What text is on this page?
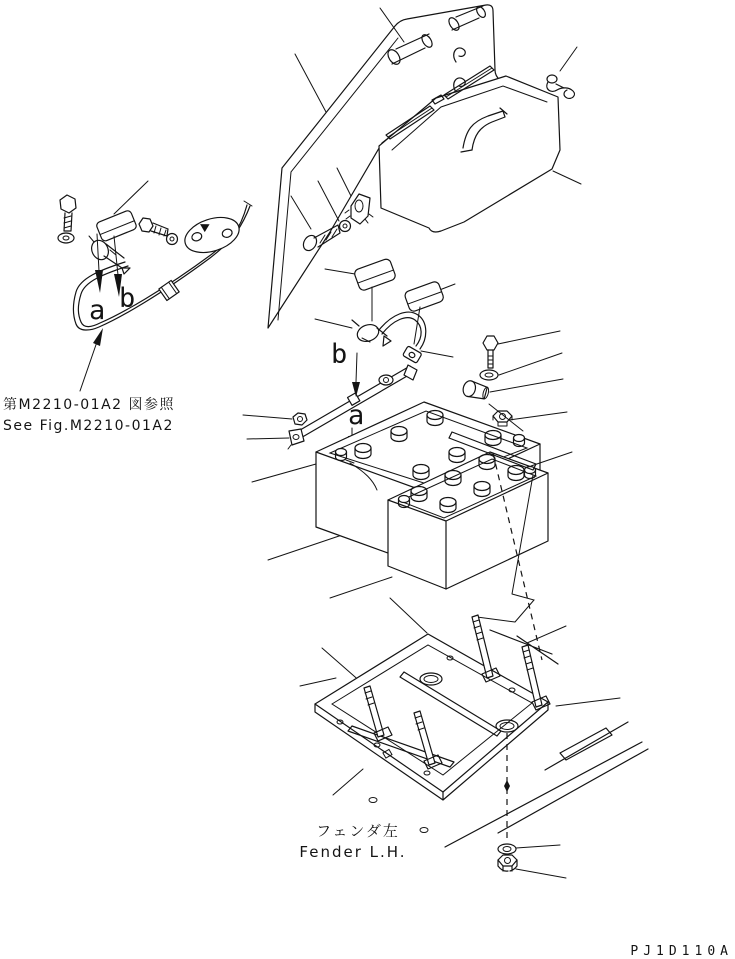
a b
第M2210-01A2 図参照
See Fig.M2210-01A2
b
a
フェンダ左
Fender L.H.
PJ1D110A
